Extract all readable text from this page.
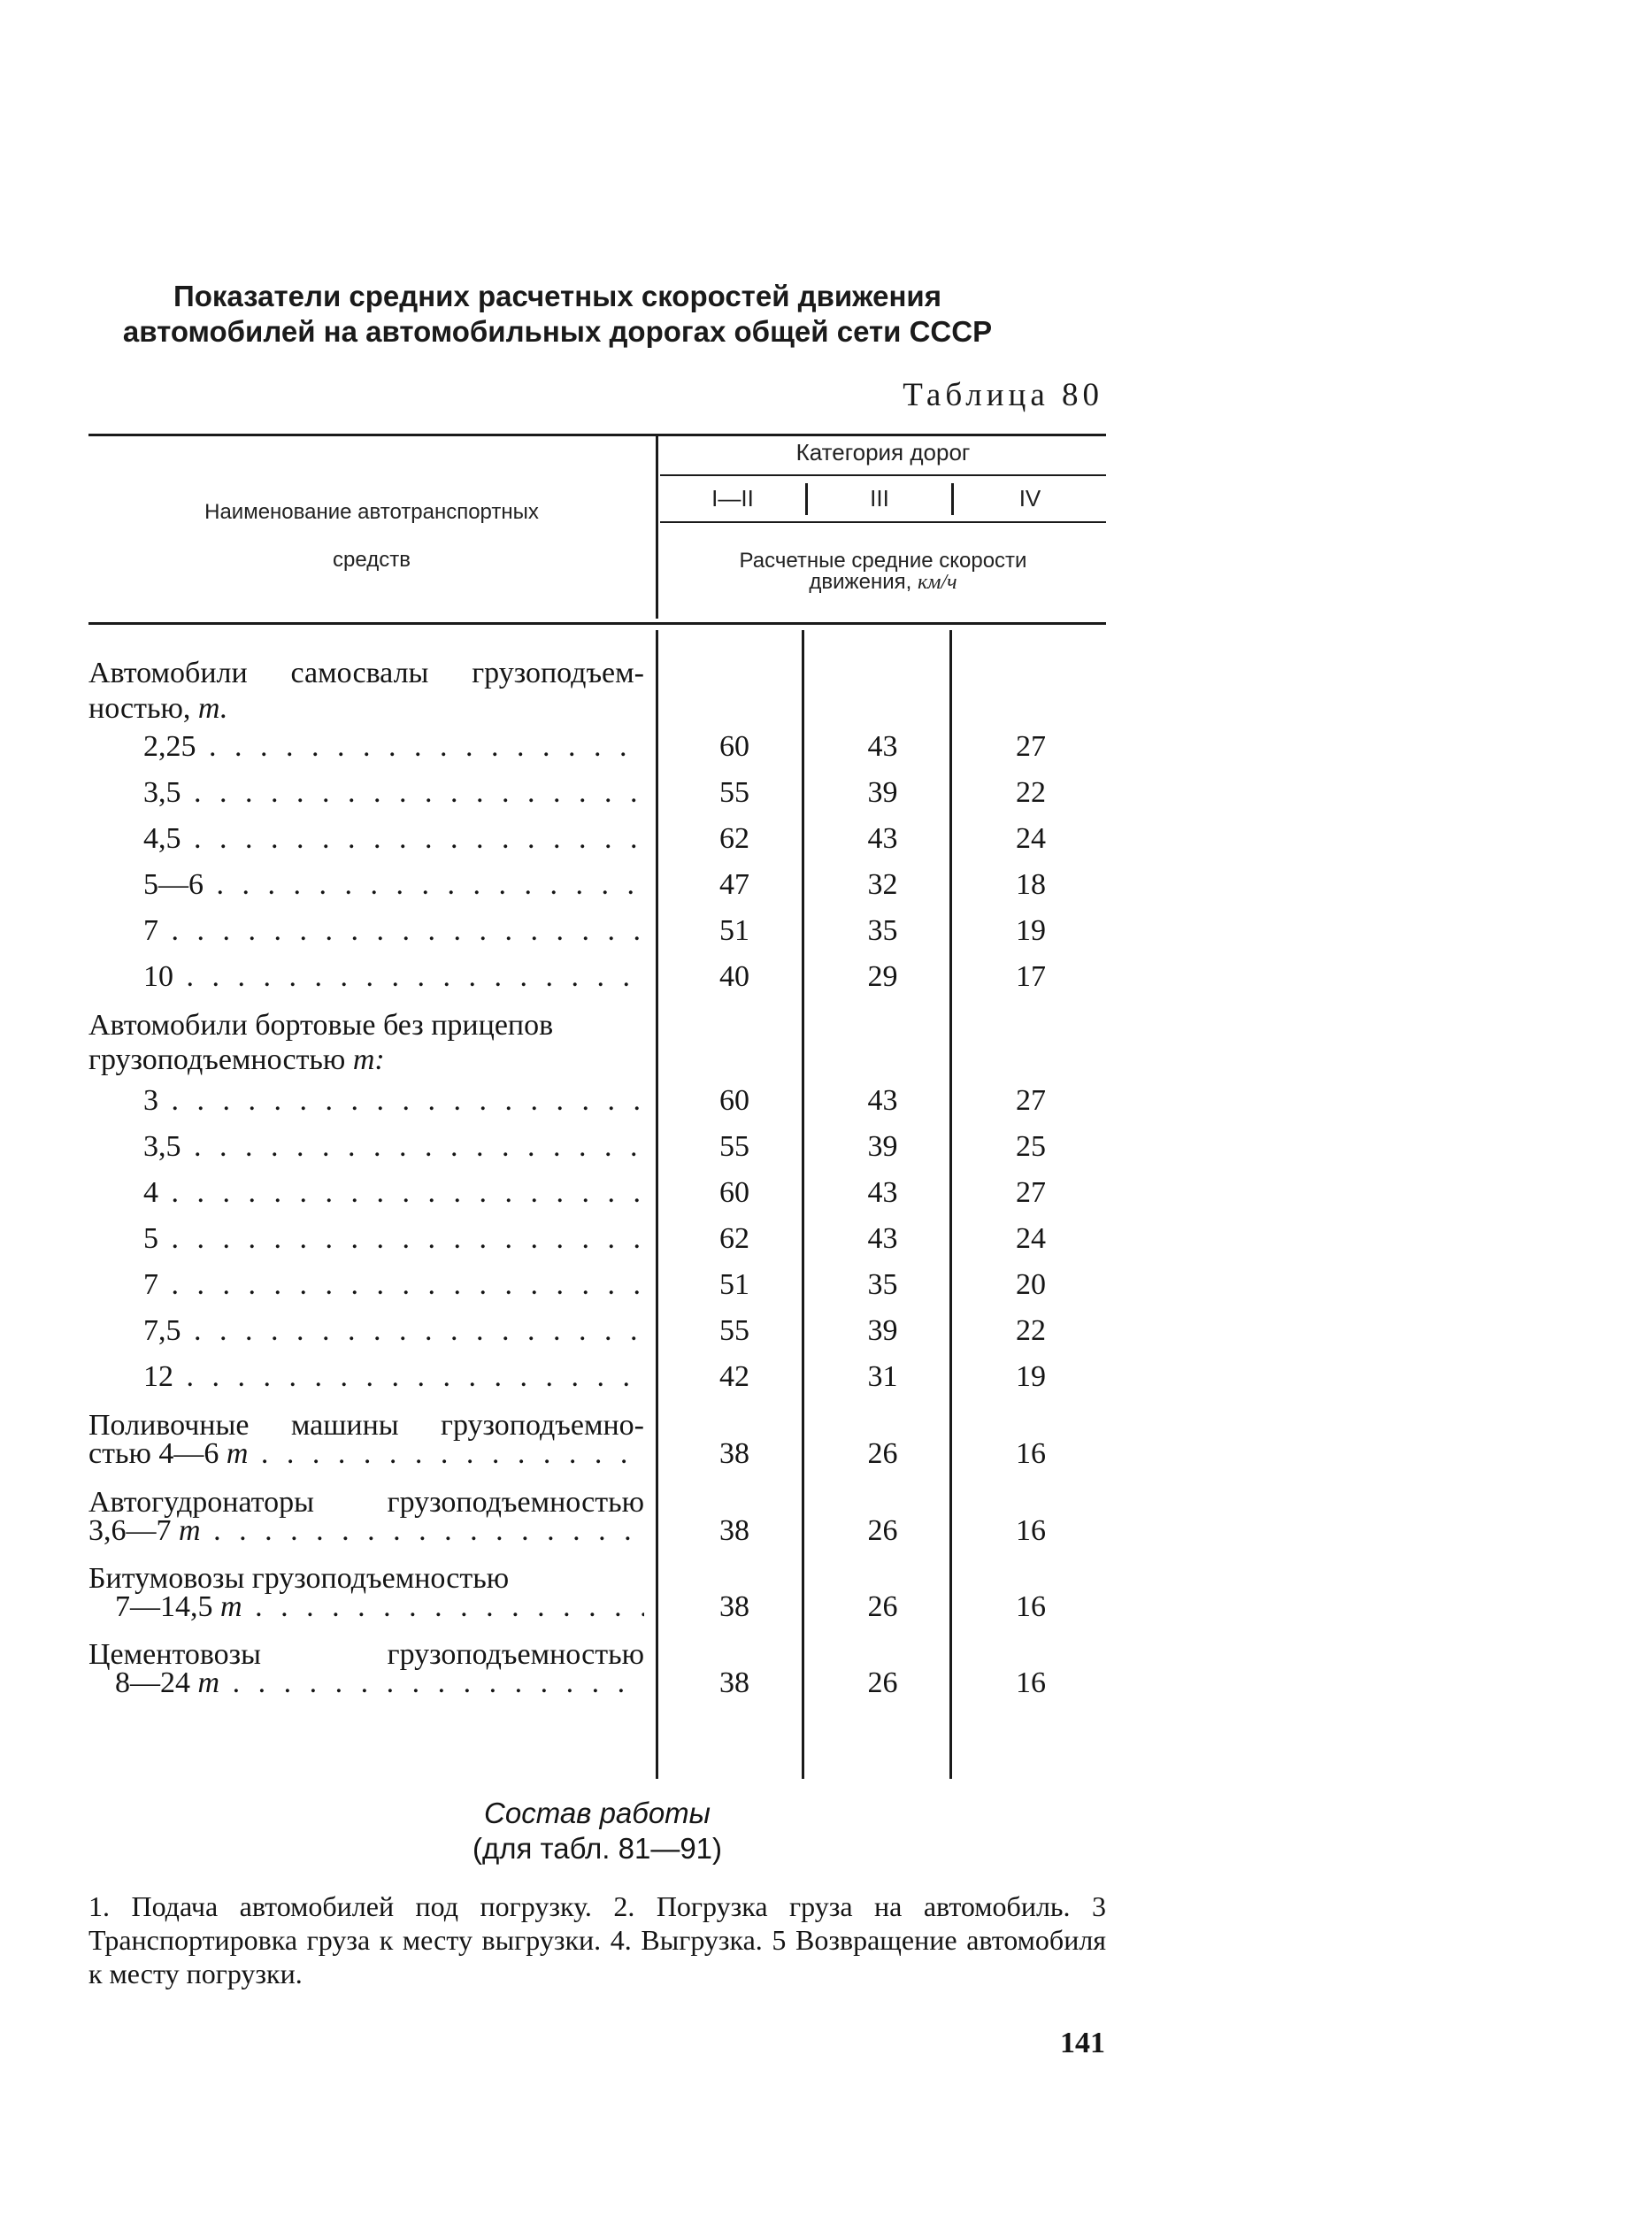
Показатели средних расчетных скоростей движения
автомобилей на автомобильных дорогах общей сети СССР
Таблица 80
Наименование автотранспортных
средств
Категория дорог
I—II	III	IV
Расчетные средние скорости
движения, км/ч
Автомобили самосвалы грузоподъем-
ностью, т.
2,25 . . .	60	43	27
3,5 . . .	55	39	22
4,5 . . .	62	43	24
5—6 . . .	47	32	18
7 . . .	51	35	19
10 . . .	40	29	17
Автомобили бортовые без прицепов
грузоподъемностью т:
3 . . .	60	43	27
3,5 . . .	55	39	25
4 . . .	60	43	27
5 . . .	62	43	24
7 . . .	51	35	20
7,5 . . .	55	39	22
12 . . .	42	31	19
Поливочные машины грузоподъемно-
стью 4—6 т . . .	38	26	16
Автогудронаторы грузоподъемностью
3,6—7 т . . .	38	26	16
Битумовозы грузоподъемностью
7—14,5 т . . .	38	26	16
Цементовозы	грузоподъемностью
8—24 т . . .	38	26	16
Состав работы
(для табл. 81—91)
1. Подача автомобилей под погрузку. 2. Погрузка груза на автомобиль. 3 Транспортировка груза к месту выгрузки. 4. Выгрузка. 5 Возвращение автомобиля к месту погрузки.
141
